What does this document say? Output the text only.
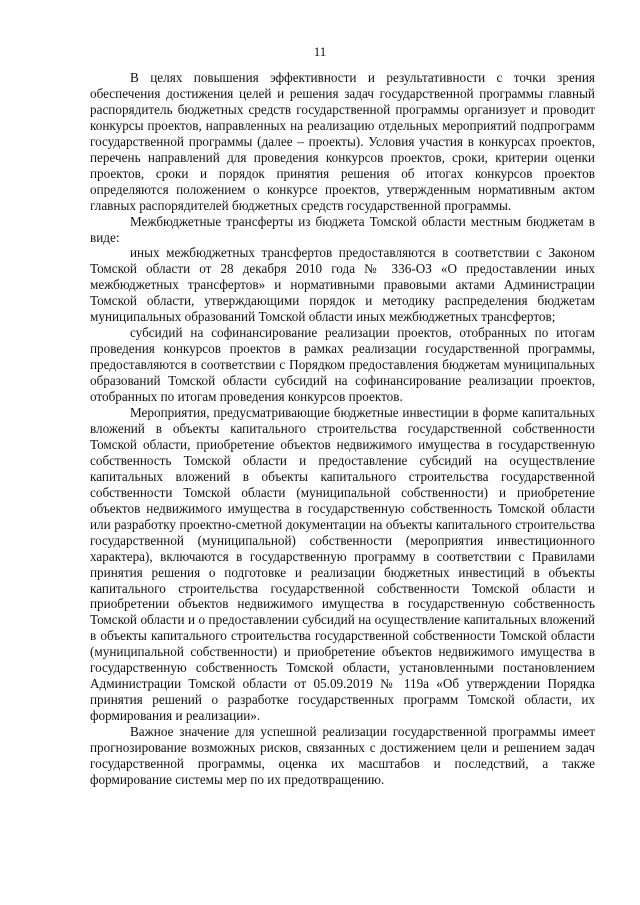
11

В целях повышения эффективности и результативности с точки зрения обеспечения достижения целей и решения задач государственной программы главный распорядитель бюджетных средств государственной программы организует и проводит конкурсы проектов, направленных на реализацию отдельных мероприятий подпрограмм государственной программы (далее – проекты). Условия участия в конкурсах проектов, перечень направлений для проведения конкурсов проектов, сроки, критерии оценки проектов, сроки и порядок принятия решения об итогах конкурсов проектов определяются положением о конкурсе проектов, утвержденным нормативным актом главных распорядителей бюджетных средств государственной программы.

Межбюджетные трансферты из бюджета Томской области местным бюджетам в виде:

иных межбюджетных трансфертов предоставляются в соответствии с Законом Томской области от 28 декабря 2010 года № 336-ОЗ «О предоставлении иных межбюджетных трансфертов» и нормативными правовыми актами Администрации Томской области, утверждающими порядок и методику распределения бюджетам муниципальных образований Томской области иных межбюджетных трансфертов;

субсидий на софинансирование реализации проектов, отобранных по итогам проведения конкурсов проектов в рамках реализации государственной программы, предоставляются в соответствии с Порядком предоставления бюджетам муниципальных образований Томской области субсидий на софинансирование реализации проектов, отобранных по итогам проведения конкурсов проектов.

Мероприятия, предусматривающие бюджетные инвестиции в форме капитальных вложений в объекты капитального строительства государственной собственности Томской области, приобретение объектов недвижимого имущества в государственную собственность Томской области и предоставление субсидий на осуществление капитальных вложений в объекты капитального строительства государственной собственности Томской области (муниципальной собственности) и приобретение объектов недвижимого имущества в государственную собственность Томской области или разработку проектно-сметной документации на объекты капитального строительства государственной (муниципальной) собственности (мероприятия инвестиционного характера), включаются в государственную программу в соответствии с Правилами принятия решения о подготовке и реализации бюджетных инвестиций в объекты капитального строительства государственной собственности Томской области и приобретении объектов недвижимого имущества в государственную собственность Томской области и о предоставлении субсидий на осуществление капитальных вложений в объекты капитального строительства государственной собственности Томской области (муниципальной собственности) и приобретение объектов недвижимого имущества в государственную собственность Томской области, установленными постановлением Администрации Томской области от 05.09.2019 № 119а «Об утверждении Порядка принятия решений о разработке государственных программ Томской области, их формирования и реализации».

Важное значение для успешной реализации государственной программы имеет прогнозирование возможных рисков, связанных с достижением цели и решением задач государственной программы, оценка их масштабов и последствий, а также формирование системы мер по их предотвращению.
